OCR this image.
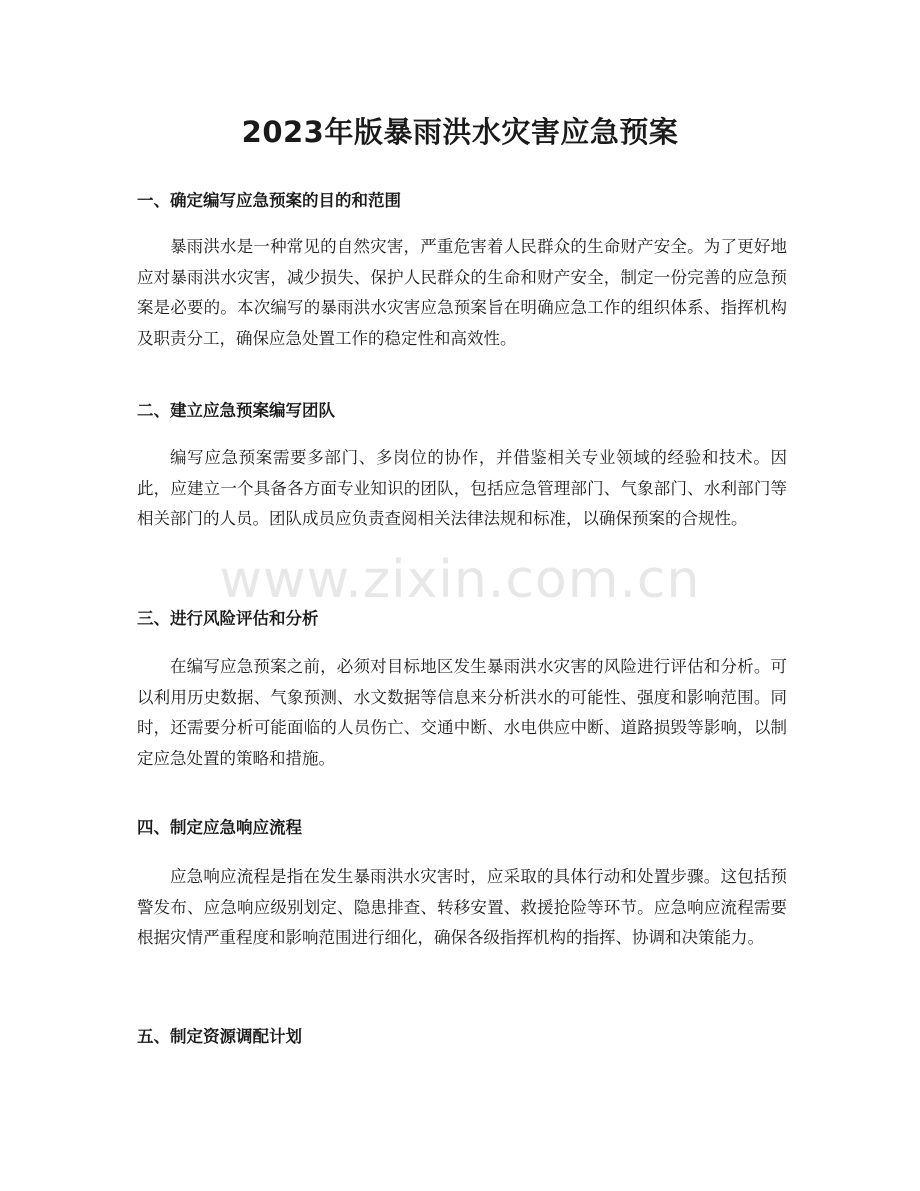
2023年版暴雨洪水灾害应急预案
一、确定编写应急预案的目的和范围

暴雨洪水是一种常见的自然灾害，严重危害着人民群众的生命财产安全。为了更好地应对暴雨洪水灾害，减少损失、保护人民群众的生命和财产安全，制定一份完善的应急预案是必要的。本次编写的暴雨洪水灾害应急预案旨在明确应急工作的组织体系、指挥机构及职责分工，确保应急处置工作的稳定性和高效性。

二、建立应急预案编写团队

编写应急预案需要多部门、多岗位的协作，并借鉴相关专业领域的经验和技术。因此，应建立一个具备各方面专业知识的团队，包括应急管理部门、气象部门、水利部门等相关部门的人员。团队成员应负责查阅相关法律法规和标准，以确保预案的合规性。

三、进行风险评估和分析

在编写应急预案之前，必须对目标地区发生暴雨洪水灾害的风险进行评估和分析。可以利用历史数据、气象预测、水文数据等信息来分析洪水的可能性、强度和影响范围。同时，还需要分析可能面临的人员伤亡、交通中断、水电供应中断、道路损毁等影响，以制定应急处置的策略和措施。

四、制定应急响应流程

应急响应流程是指在发生暴雨洪水灾害时，应采取的具体行动和处置步骤。这包括预警发布、应急响应级别划定、隐患排查、转移安置、救援抢险等环节。应急响应流程需要根据灾情严重程度和影响范围进行细化，确保各级指挥机构的指挥、协调和决策能力。

五、制定资源调配计划
www.zixin.com.cn
